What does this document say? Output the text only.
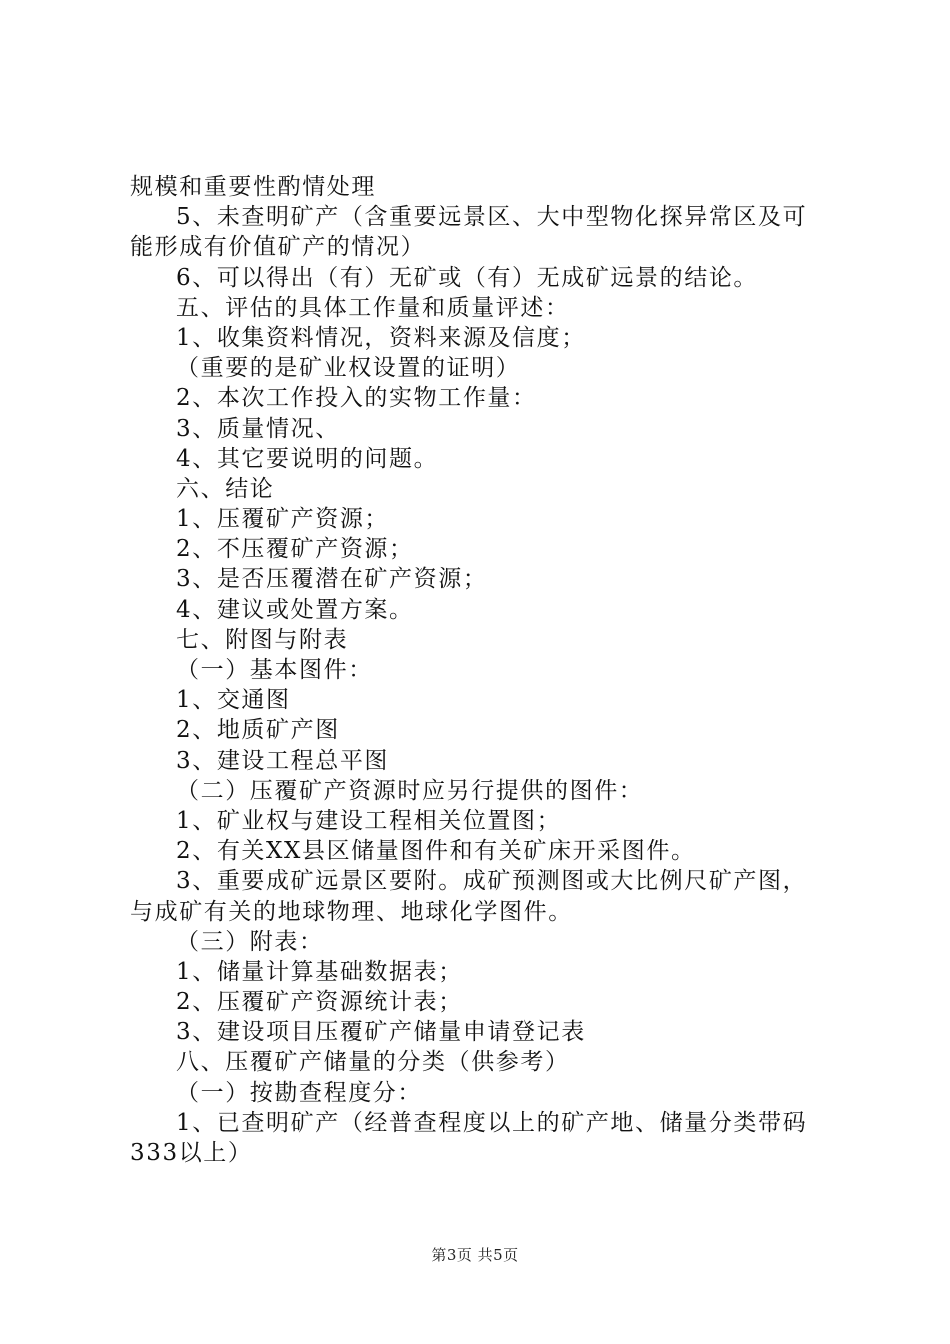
规模和重要性酌情处理
5、未查明矿产（含重要远景区、大中型物化探异常区及可
能形成有价值矿产的情况）
6、可以得出（有）无矿或（有）无成矿远景的结论。
五、评估的具体工作量和质量评述：
1、收集资料情况，资料来源及信度；
（重要的是矿业权设置的证明）
2、本次工作投入的实物工作量：
3、质量情况、
4、其它要说明的问题。
六、结论
1、压覆矿产资源；
2、不压覆矿产资源；
3、是否压覆潜在矿产资源；
4、建议或处置方案。
七、附图与附表
（一）基本图件：
1、交通图
2、地质矿产图
3、建设工程总平图
（二）压覆矿产资源时应另行提供的图件：
1、矿业权与建设工程相关位置图；
2、有关XX县区储量图件和有关矿床开采图件。
3、重要成矿远景区要附。成矿预测图或大比例尺矿产图，
与成矿有关的地球物理、地球化学图件。
（三）附表：
1、储量计算基础数据表；
2、压覆矿产资源统计表；
3、建设项目压覆矿产储量申请登记表
八、压覆矿产储量的分类（供参考）
（一）按勘查程度分：
1、已查明矿产（经普查程度以上的矿产地、储量分类带码
333以上）
第3页 共5页
